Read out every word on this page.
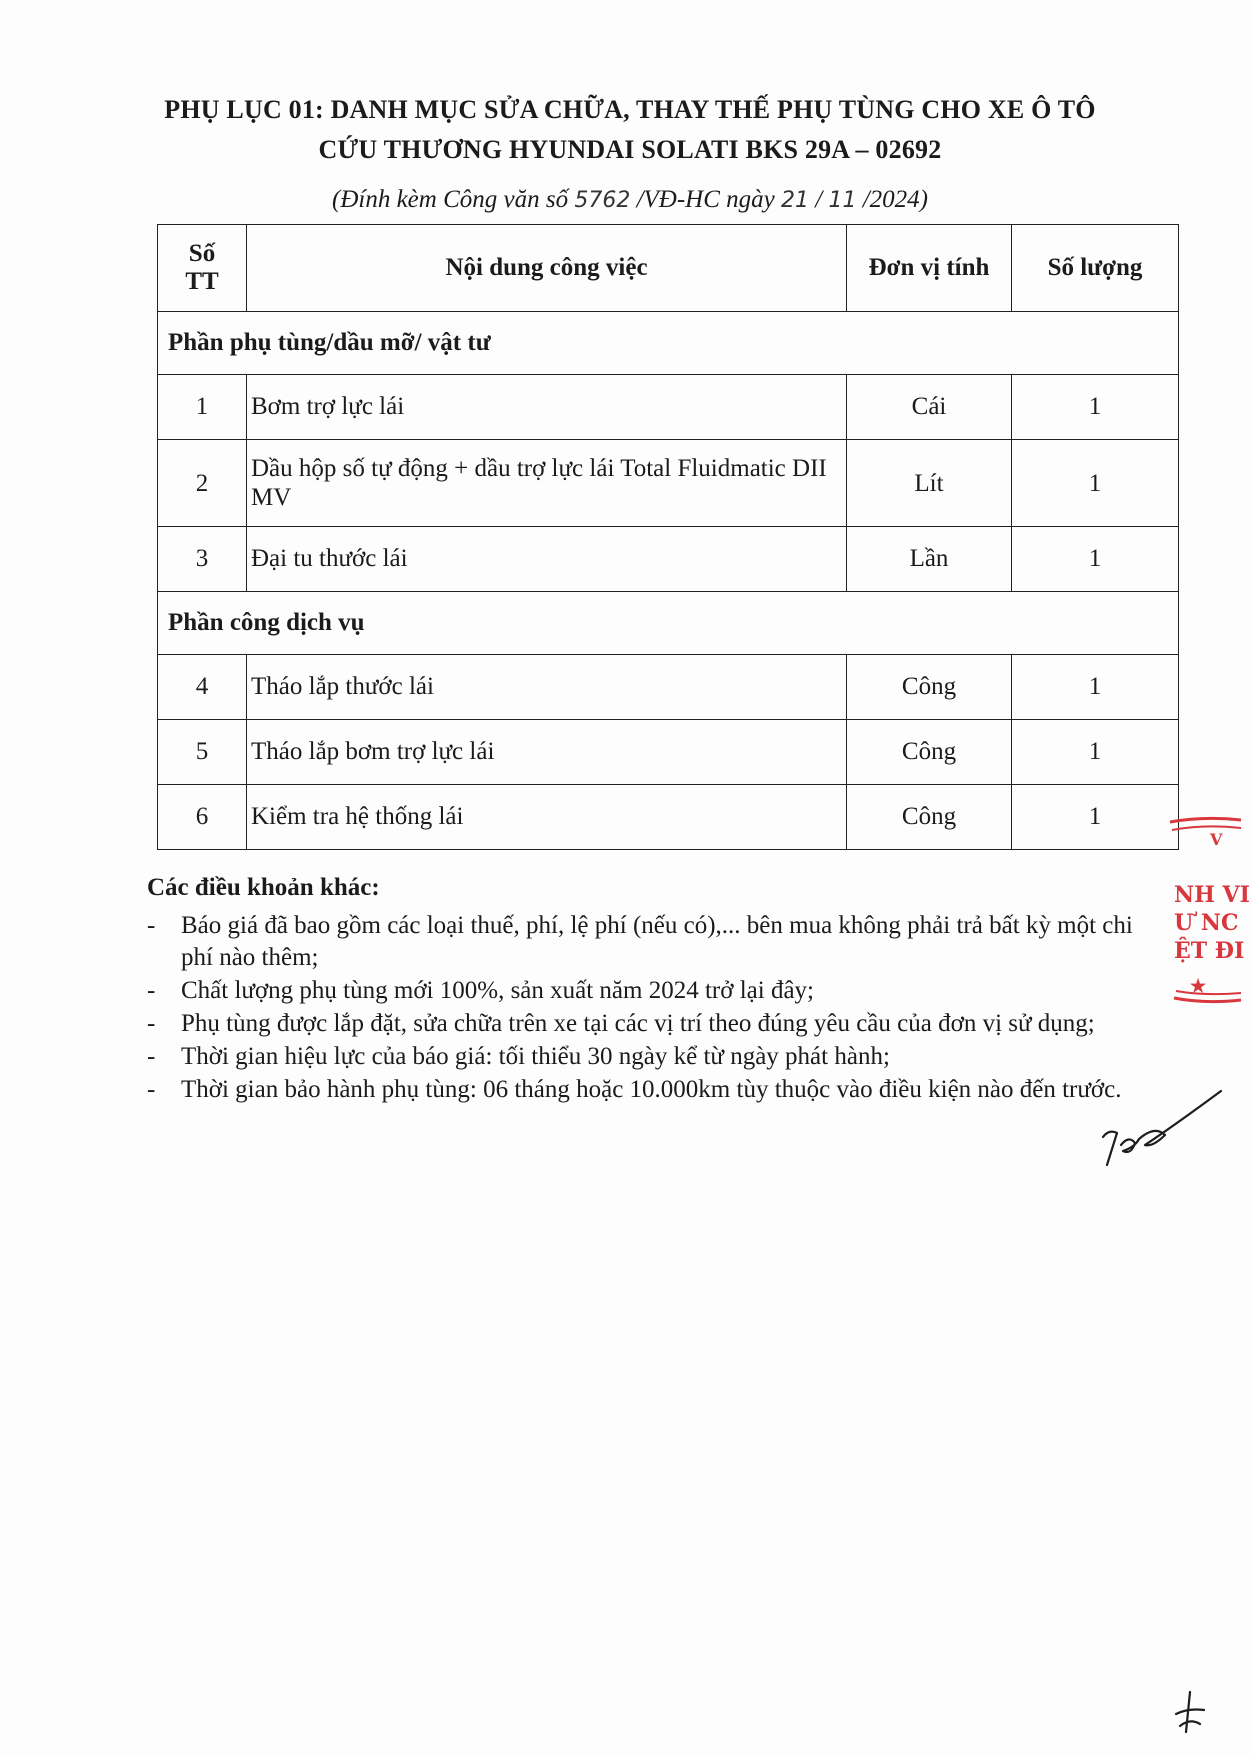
PHỤ LỤC 01: DANH MỤC SỬA CHỮA, THAY THẾ PHỤ TÙNG CHO XE Ô TÔ
CỨU THƯƠNG HYUNDAI SOLATI BKS 29A – 02692
(Đính kèm Công văn số 5762 /VĐ-HC ngày 21 / 11 /2024)
Số
TT	Nội dung công việc	Đơn vị tính	Số lượng
Phần phụ tùng/dầu mỡ/ vật tư			
1	Bơm trợ lực lái	Cái	1
2	Dầu hộp số tự động + dầu trợ lực lái Total Fluidmatic DII MV	Lít	1
3	Đại tu thước lái	Lần	1
Phần công dịch vụ			
4	Tháo lắp thước lái	Công	1
5	Tháo lắp bơm trợ lực lái	Công	1
6	Kiểm tra hệ thống lái	Công	1
Các điều khoản khác:
- Báo giá đã bao gồm các loại thuế, phí, lệ phí (nếu có),... bên mua không phải trả bất kỳ một chi phí nào thêm;
- Chất lượng phụ tùng mới 100%, sản xuất năm 2024 trở lại đây;
- Phụ tùng được lắp đặt, sửa chữa trên xe tại các vị trí theo đúng yêu cầu của đơn vị sử dụng;
- Thời gian hiệu lực của báo giá: tối thiểu 30 ngày kể từ ngày phát hành;
- Thời gian bảo hành phụ tùng: 06 tháng hoặc 10.000km tùy thuộc vào điều kiện nào đến trước.
V
NH VI
Ư NC
ỆT ĐI
★
